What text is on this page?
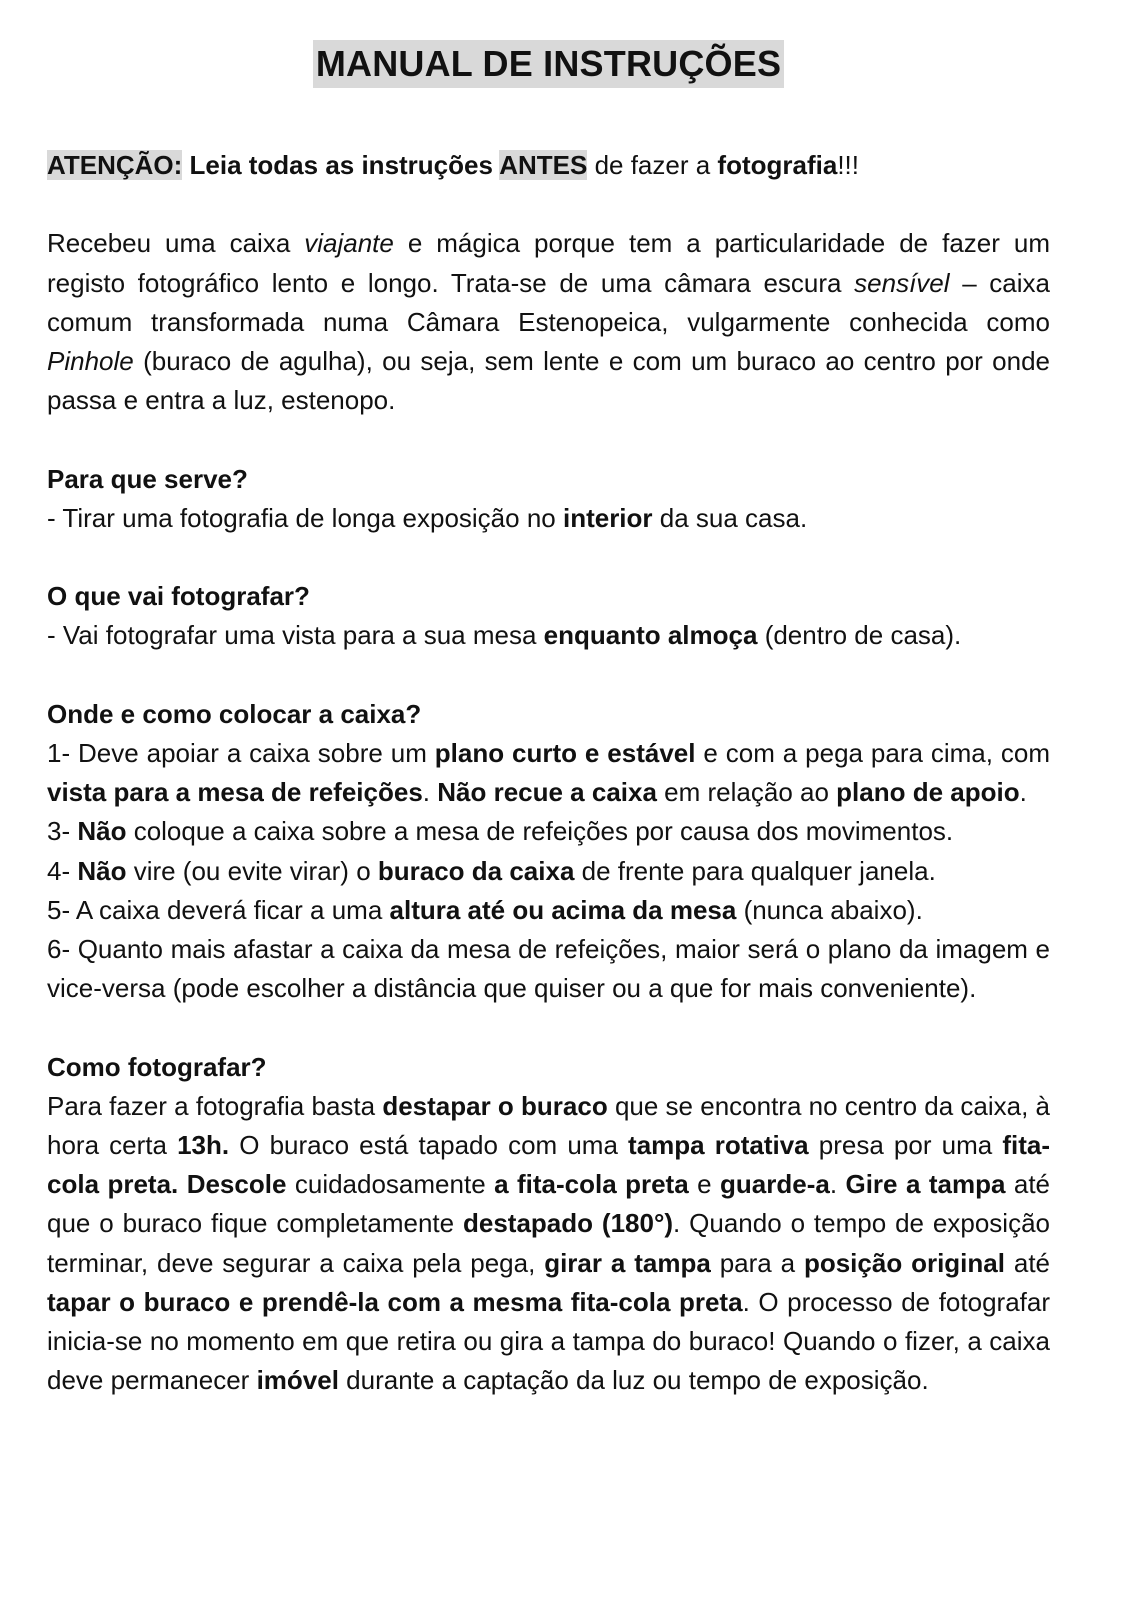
MANUAL DE INSTRUÇÕES

ATENÇÃO: Leia todas as instruções ANTES de fazer a fotografia!!!

Recebeu uma caixa viajante e mágica porque tem a particularidade de fazer um registo fotográfico lento e longo. Trata-se de uma câmara escura sensível – caixa comum transformada numa Câmara Estenopeica, vulgarmente conhecida como Pinhole (buraco de agulha), ou seja, sem lente e com um buraco ao centro por onde passa e entra a luz, estenopo.

Para que serve?

- Tirar uma fotografia de longa exposição no interior da sua casa.

O que vai fotografar?

- Vai fotografar uma vista para a sua mesa enquanto almoça (dentro de casa).

Onde e como colocar a caixa?

1- Deve apoiar a caixa sobre um plano curto e estável e com a pega para cima, com vista para a mesa de refeições. Não recue a caixa em relação ao plano de apoio.

3- Não coloque a caixa sobre a mesa de refeições por causa dos movimentos.

4- Não vire (ou evite virar) o buraco da caixa de frente para qualquer janela.

5- A caixa deverá ficar a uma altura até ou acima da mesa (nunca abaixo).

6- Quanto mais afastar a caixa da mesa de refeições, maior será o plano da imagem e vice-versa (pode escolher a distância que quiser ou a que for mais conveniente).

Como fotografar?

Para fazer a fotografia basta destapar o buraco que se encontra no centro da caixa, à hora certa 13h. O buraco está tapado com uma tampa rotativa presa por uma fita-cola preta. Descole cuidadosamente a fita-cola preta e guarde-a. Gire a tampa até que o buraco fique completamente destapado (180°). Quando o tempo de exposição terminar, deve segurar a caixa pela pega, girar a tampa para a posição original até tapar o buraco e prendê-la com a mesma fita-cola preta. O processo de fotografar inicia-se no momento em que retira ou gira a tampa do buraco! Quando o fizer, a caixa deve permanecer imóvel durante a captação da luz ou tempo de exposição.
